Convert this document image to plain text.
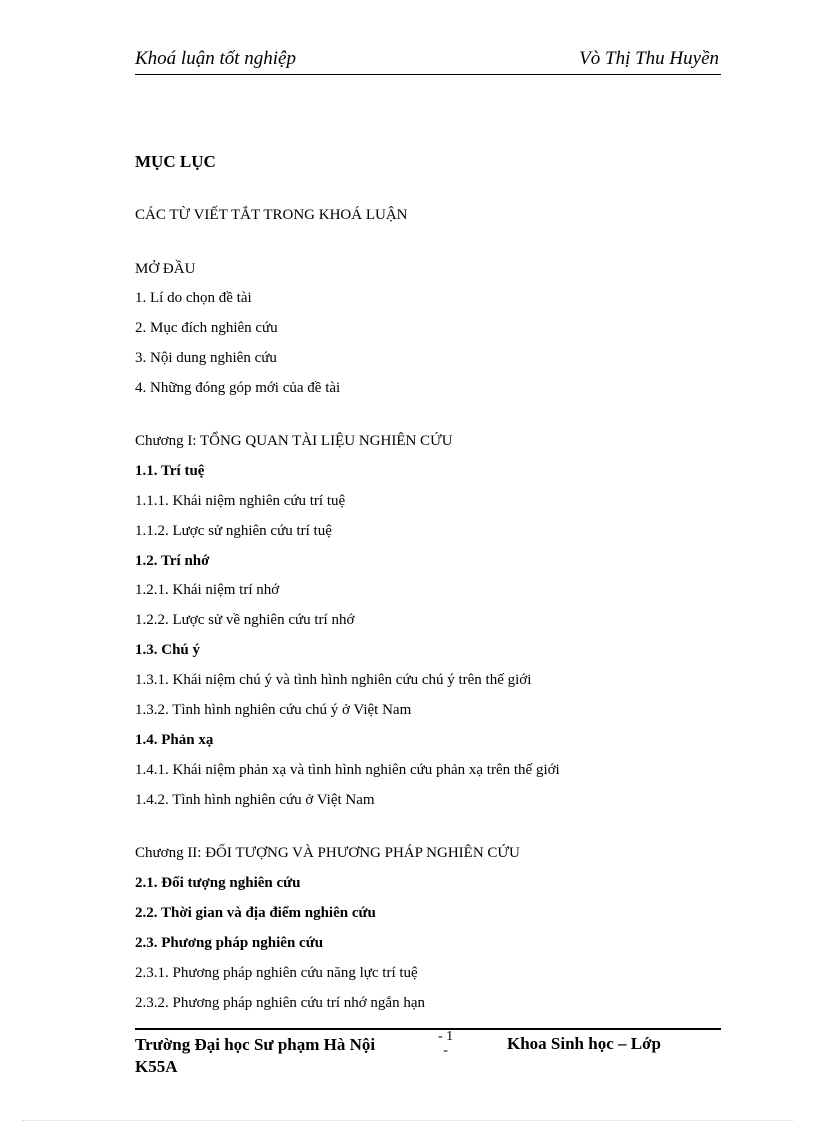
Khoá luận tốt nghiệp	Vò Thị Thu Huyền
MỤC LỤC
CÁC TỪ VIẾT TẮT TRONG KHOÁ LUẬN
MỞ ĐẦU
1. Lí do chọn đề tài
2. Mục đích nghiên cứu
3. Nội dung nghiên cứu
4. Những đóng góp mới của đề tài
Chương I: TỔNG QUAN TÀI LIỆU NGHIÊN CỨU
1.1. Trí tuệ
1.1.1. Khái niệm nghiên cứu trí tuệ
1.1.2. Lược sử nghiên cứu trí tuệ
1.2. Trí nhớ
1.2.1. Khái niệm trí nhớ
1.2.2. Lược sử về nghiên cứu trí nhớ
1.3. Chú ý
1.3.1. Khái niệm chú ý và tình hình nghiên cứu chú ý trên thế giới
1.3.2. Tình hình nghiên cứu chú ý ở Việt Nam
1.4. Phản xạ
1.4.1. Khái niệm phản xạ và tình hình nghiên cứu phản xạ trên thế giới
1.4.2. Tình hình nghiên cứu ở Việt Nam
Chương II: ĐỐI TƯỢNG VÀ PHƯƠNG PHÁP NGHIÊN CỨU
2.1. Đối tượng nghiên cứu
2.2. Thời gian và địa điểm nghiên cứu
2.3. Phương pháp nghiên cứu
2.3.1. Phương pháp nghiên cứu năng lực trí tuệ
2.3.2. Phương pháp nghiên cứu trí nhớ ngắn hạn
Trường Đại học Sư phạm Hà Nội
K55A
- 1
-	Khoa Sinh học – Lớp
